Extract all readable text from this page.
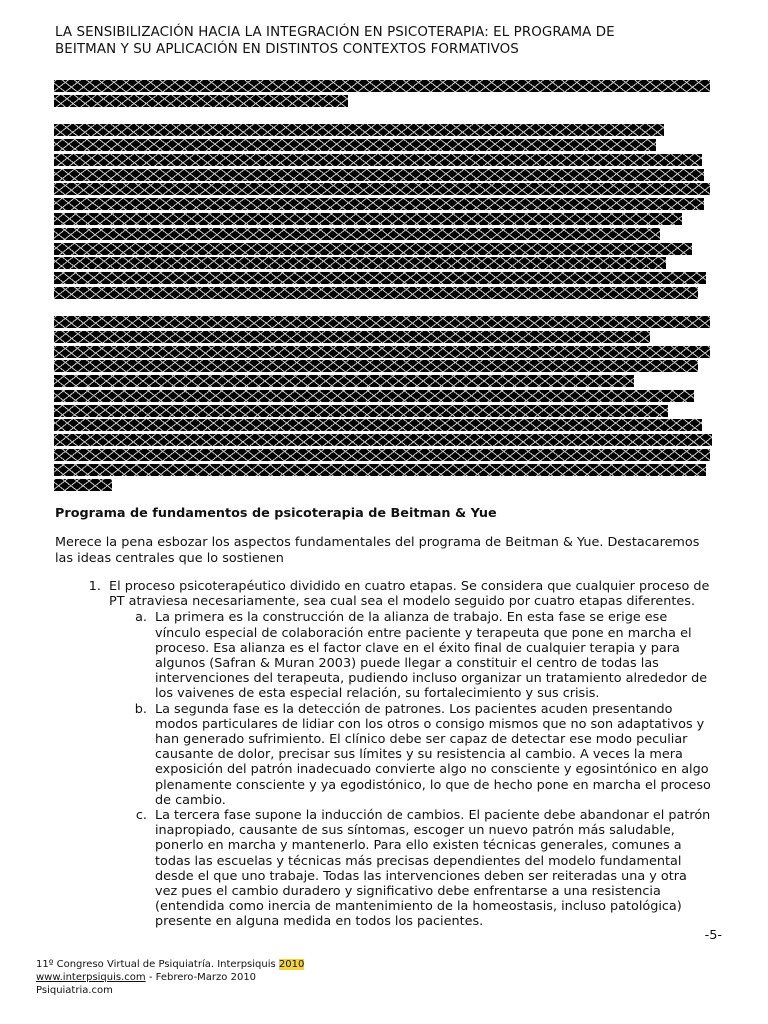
LA SENSIBILIZACIÓN HACIA LA INTEGRACIÓN EN PSICOTERAPIA: EL PROGRAMA DE
BEITMAN Y SU APLICACIÓN EN DISTINTOS CONTEXTOS FORMATIVOS
Programa de fundamentos de psicoterapia de Beitman & Yue
Merece la pena esbozar los aspectos fundamentales del programa de Beitman & Yue. Destacaremos
las ideas centrales que lo sostienen
1. El proceso psicoterapéutico dividido en cuatro etapas. Se considera que cualquier proceso de
PT atraviesa necesariamente, sea cual sea el modelo seguido por cuatro etapas diferentes.
a. La primera es la construcción de la alianza de trabajo. En esta fase se erige ese
vínculo especial de colaboración entre paciente y terapeuta que pone en marcha el
proceso. Esa alianza es el factor clave en el éxito final de cualquier terapia y para
algunos (Safran & Muran 2003) puede llegar a constituir el centro de todas las
intervenciones del terapeuta, pudiendo incluso organizar un tratamiento alrededor de
los vaivenes de esta especial relación, su fortalecimiento y sus crisis.
b. La segunda fase es la detección de patrones. Los pacientes acuden presentando
modos particulares de lidiar con los otros o consigo mismos que no son adaptativos y
han generado sufrimiento. El clínico debe ser capaz de detectar ese modo peculiar
causante de dolor, precisar sus límites y su resistencia al cambio. A veces la mera
exposición del patrón inadecuado convierte algo no consciente y egosintónico en algo
plenamente consciente y ya egodistónico, lo que de hecho pone en marcha el proceso
de cambio.
c. La tercera fase supone la inducción de cambios. El paciente debe abandonar el patrón
inapropiado, causante de sus síntomas, escoger un nuevo patrón más saludable,
ponerlo en marcha y mantenerlo. Para ello existen técnicas generales, comunes a
todas las escuelas y técnicas más precisas dependientes del modelo fundamental
desde el que uno trabaje. Todas las intervenciones deben ser reiteradas una y otra
vez pues el cambio duradero y significativo debe enfrentarse a una resistencia
(entendida como inercia de mantenimiento de la homeostasis, incluso patológica)
presente en alguna medida en todos los pacientes.
-5-
11º Congreso Virtual de Psiquiatría. Interpsiquis 2010
www.interpsiquis.com - Febrero-Marzo 2010
Psiquiatria.com
